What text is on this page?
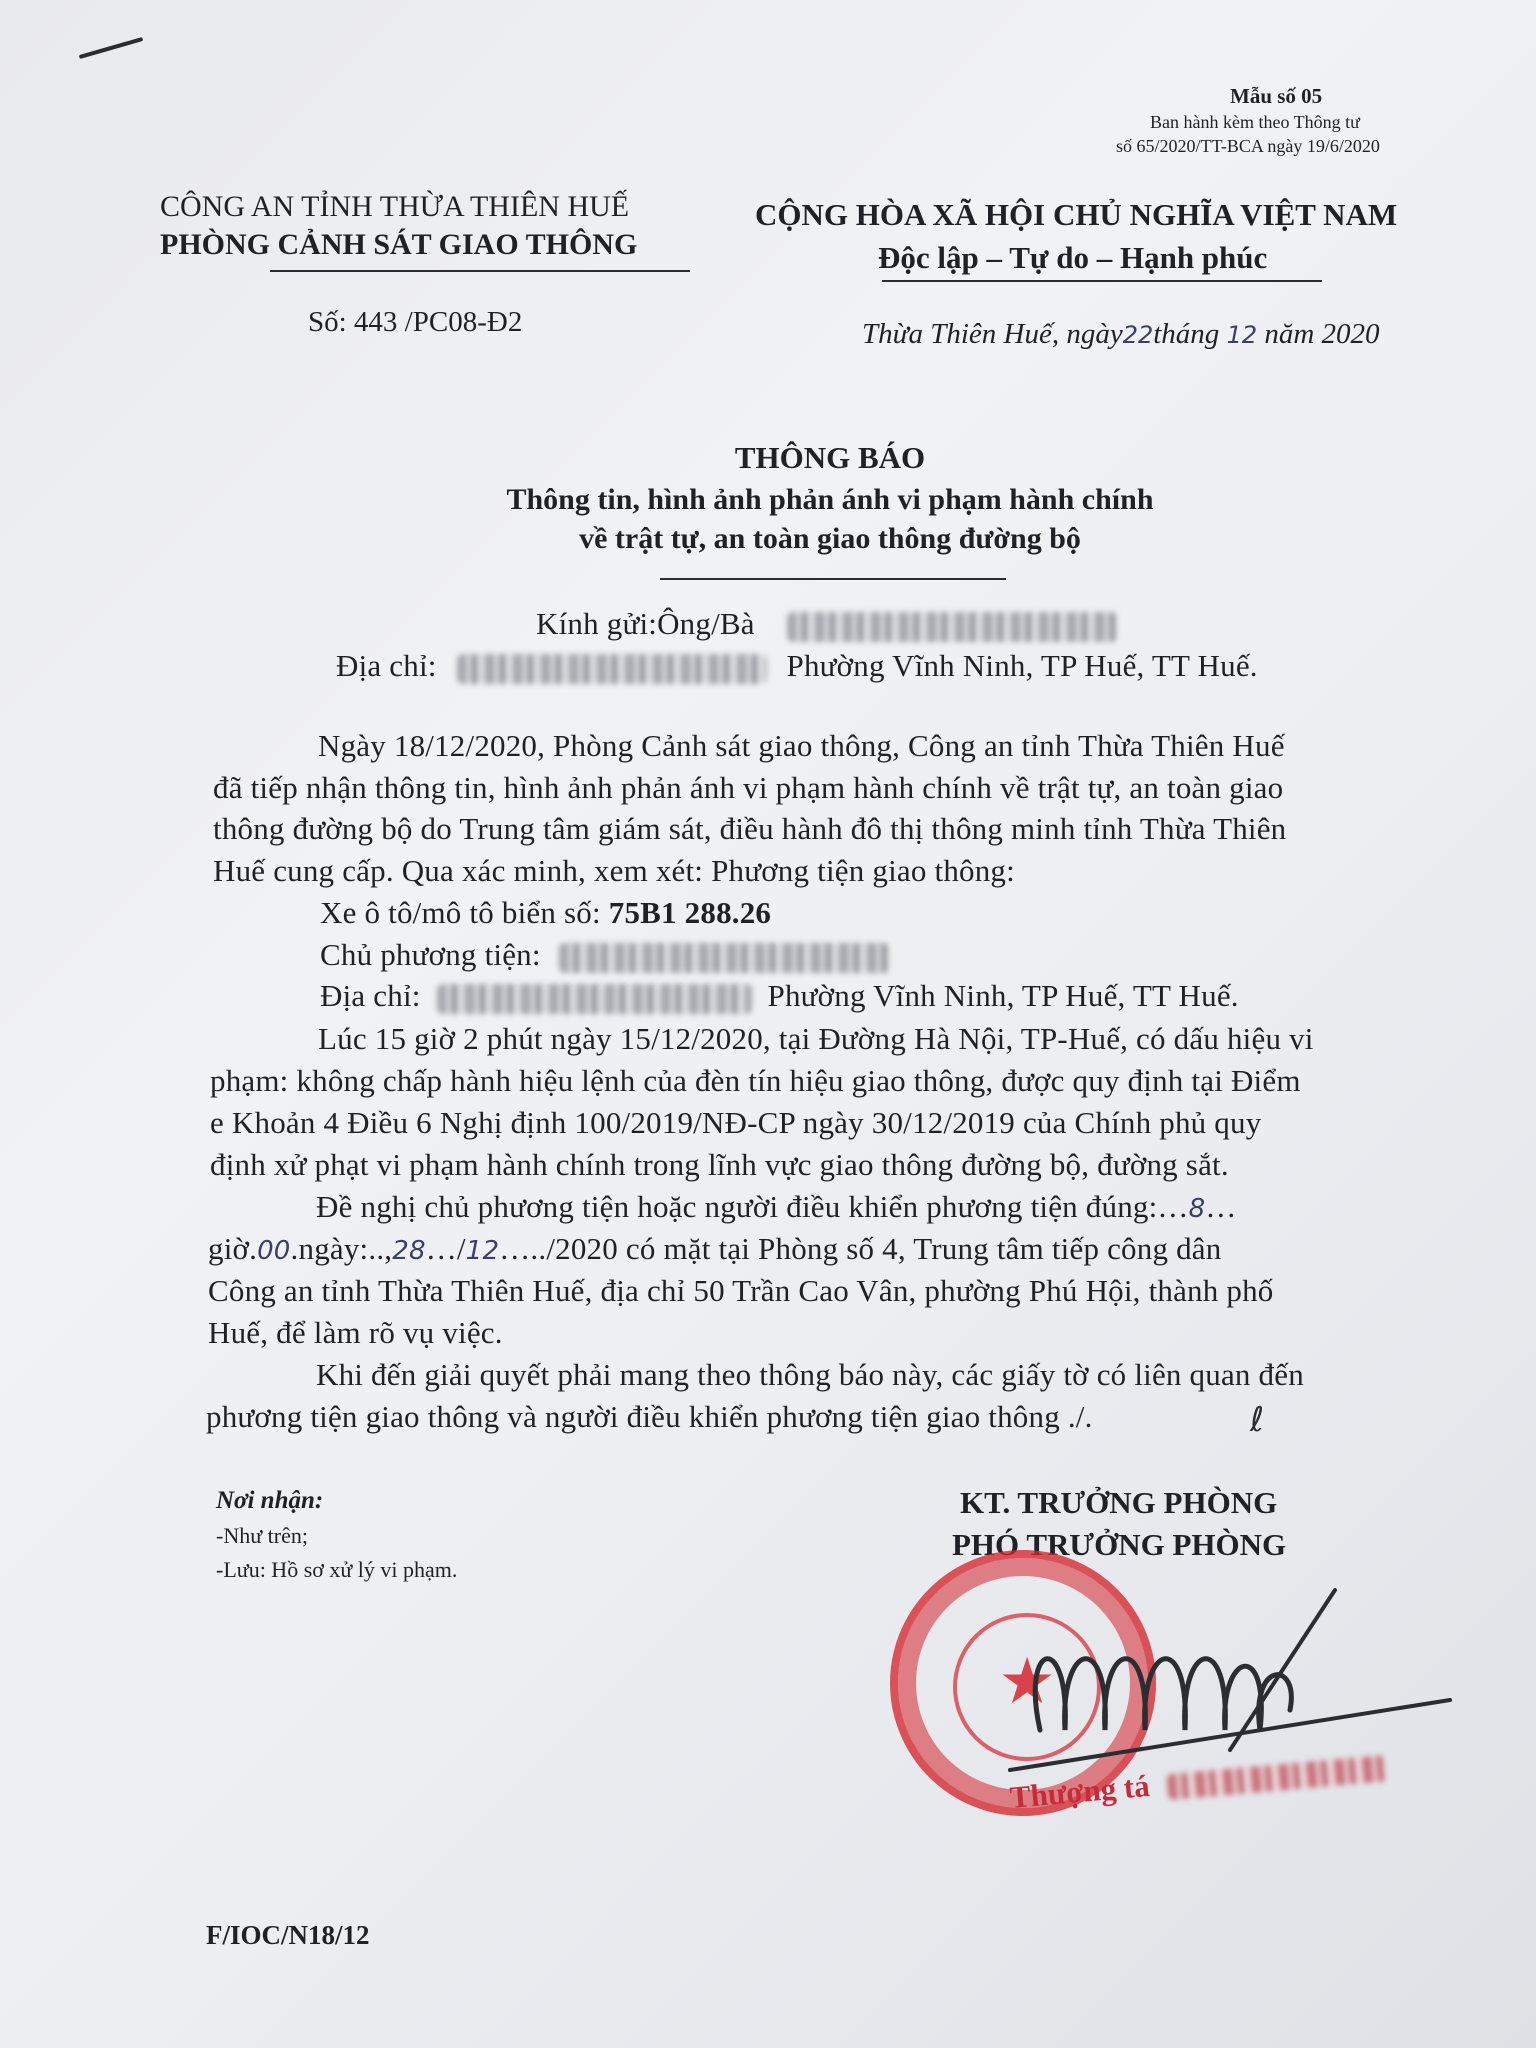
Mẫu số 05
Ban hành kèm theo Thông tư
số 65/2020/TT-BCA ngày 19/6/2020
CÔNG AN TỈNH THỪA THIÊN HUẾ
PHÒNG CẢNH SÁT GIAO THÔNG
Số: 443 /PC08-Đ2
CỘNG HÒA XÃ HỘI CHỦ NGHĨA VIỆT NAM
Độc lập – Tự do – Hạnh phúc
Thừa Thiên Huế, ngày22tháng 12 năm 2020
THÔNG BÁO
Thông tin, hình ảnh phản ánh vi phạm hành chính
về trật tự, an toàn giao thông đường bộ
Kính gửi:Ông/Bà
Địa chỉ:	Phường Vĩnh Ninh, TP Huế, TT Huế.
Ngày 18/12/2020, Phòng Cảnh sát giao thông, Công an tỉnh Thừa Thiên Huế
đã tiếp nhận thông tin, hình ảnh phản ánh vi phạm hành chính về trật tự, an toàn giao
thông đường bộ do Trung tâm giám sát, điều hành đô thị thông minh tỉnh Thừa Thiên
Huế cung cấp. Qua xác minh, xem xét: Phương tiện giao thông:
Xe ô tô/mô tô biển số: 75B1 288.26
Chủ phương tiện:
Địa chỉ:	Phường Vĩnh Ninh, TP Huế, TT Huế.
Lúc 15 giờ 2 phút ngày 15/12/2020, tại Đường Hà Nội, TP-Huế, có dấu hiệu vi
phạm: không chấp hành hiệu lệnh của đèn tín hiệu giao thông, được quy định tại Điểm
e Khoản 4 Điều 6 Nghị định 100/2019/NĐ-CP ngày 30/12/2019 của Chính phủ quy
định xử phạt vi phạm hành chính trong lĩnh vực giao thông đường bộ, đường sắt.
Đề nghị chủ phương tiện hoặc người điều khiển phương tiện đúng:…8…
giờ.00.ngày:..,28…/12…../2020 có mặt tại Phòng số 4, Trung tâm tiếp công dân
Công an tỉnh Thừa Thiên Huế, địa chỉ 50 Trần Cao Vân, phường Phú Hội, thành phố
Huế, để làm rõ vụ việc.
Khi đến giải quyết phải mang theo thông báo này, các giấy tờ có liên quan đến
phương tiện giao thông và người điều khiển phương tiện giao thông ./.	ℓ
Nơi nhận:
-Như trên;
-Lưu: Hồ sơ xử lý vi phạm.
KT. TRƯỞNG PHÒNG
PHÓ TRƯỞNG PHÒNG
★
Thượng tá
F/IOC/N18/12
